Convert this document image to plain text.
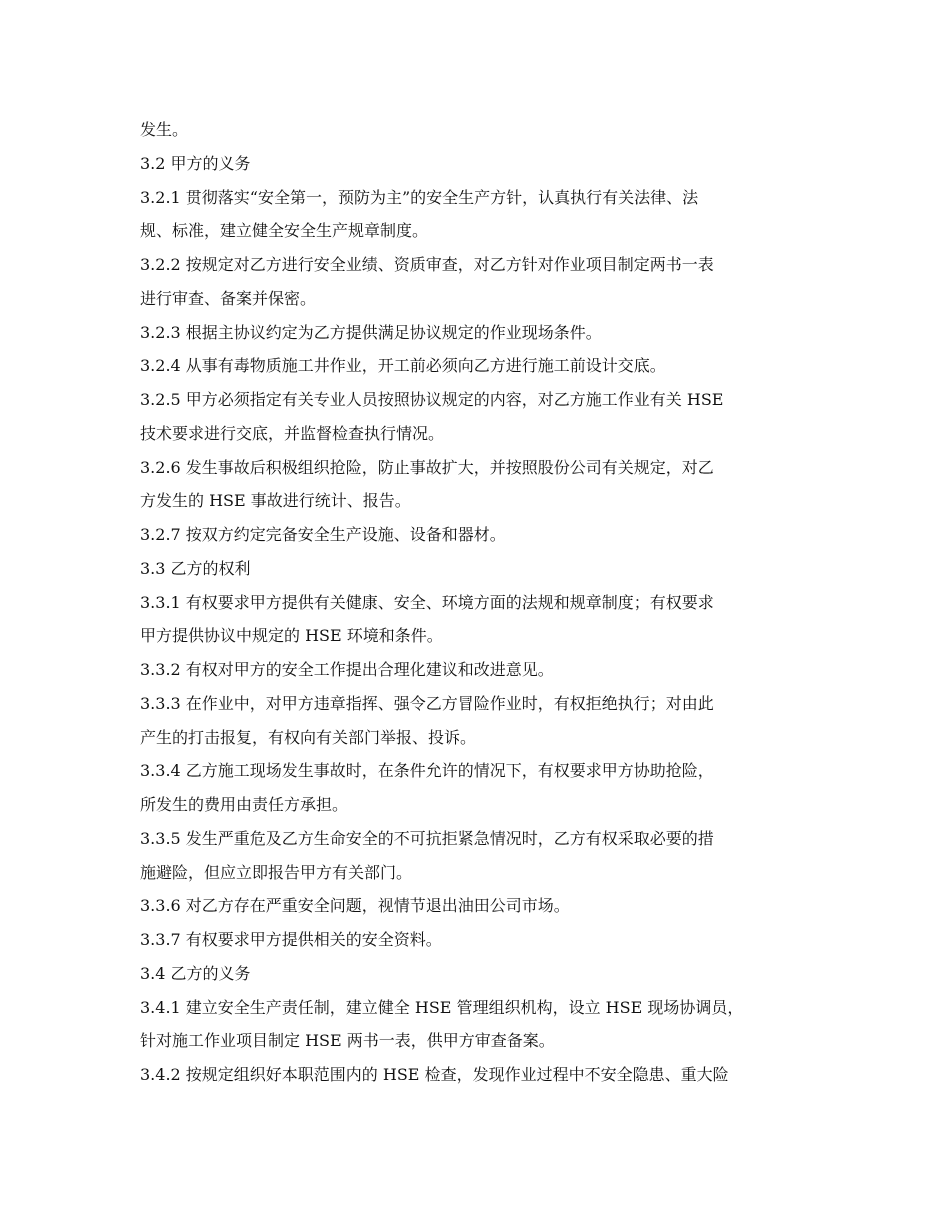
发生。
3.2 甲方的义务
3.2.1 贯彻落实“安全第一，预防为主”的安全生产方针，认真执行有关法律、法
规、标准，建立健全安全生产规章制度。
3.2.2 按规定对乙方进行安全业绩、资质审查，对乙方针对作业项目制定两书一表
进行审查、备案并保密。
3.2.3 根据主协议约定为乙方提供满足协议规定的作业现场条件。
3.2.4 从事有毒物质施工井作业，开工前必须向乙方进行施工前设计交底。
3.2.5 甲方必须指定有关专业人员按照协议规定的内容，对乙方施工作业有关 HSE
技术要求进行交底，并监督检查执行情况。
3.2.6 发生事故后积极组织抢险，防止事故扩大，并按照股份公司有关规定，对乙
方发生的 HSE 事故进行统计、报告。
3.2.7 按双方约定完备安全生产设施、设备和器材。
3.3 乙方的权利
3.3.1 有权要求甲方提供有关健康、安全、环境方面的法规和规章制度；有权要求
甲方提供协议中规定的 HSE 环境和条件。
3.3.2 有权对甲方的安全工作提出合理化建议和改进意见。
3.3.3 在作业中，对甲方违章指挥、强令乙方冒险作业时，有权拒绝执行；对由此
产生的打击报复，有权向有关部门举报、投诉。
3.3.4 乙方施工现场发生事故时，在条件允许的情况下，有权要求甲方协助抢险，
所发生的费用由责任方承担。
3.3.5 发生严重危及乙方生命安全的不可抗拒紧急情况时，乙方有权采取必要的措
施避险，但应立即报告甲方有关部门。
3.3.6 对乙方存在严重安全问题，视情节退出油田公司市场。
3.3.7 有权要求甲方提供相关的安全资料。
3.4 乙方的义务
3.4.1 建立安全生产责任制，建立健全 HSE 管理组织机构，设立 HSE 现场协调员，
针对施工作业项目制定 HSE 两书一表，供甲方审查备案。
3.4.2 按规定组织好本职范围内的 HSE 检查，发现作业过程中不安全隐患、重大险
